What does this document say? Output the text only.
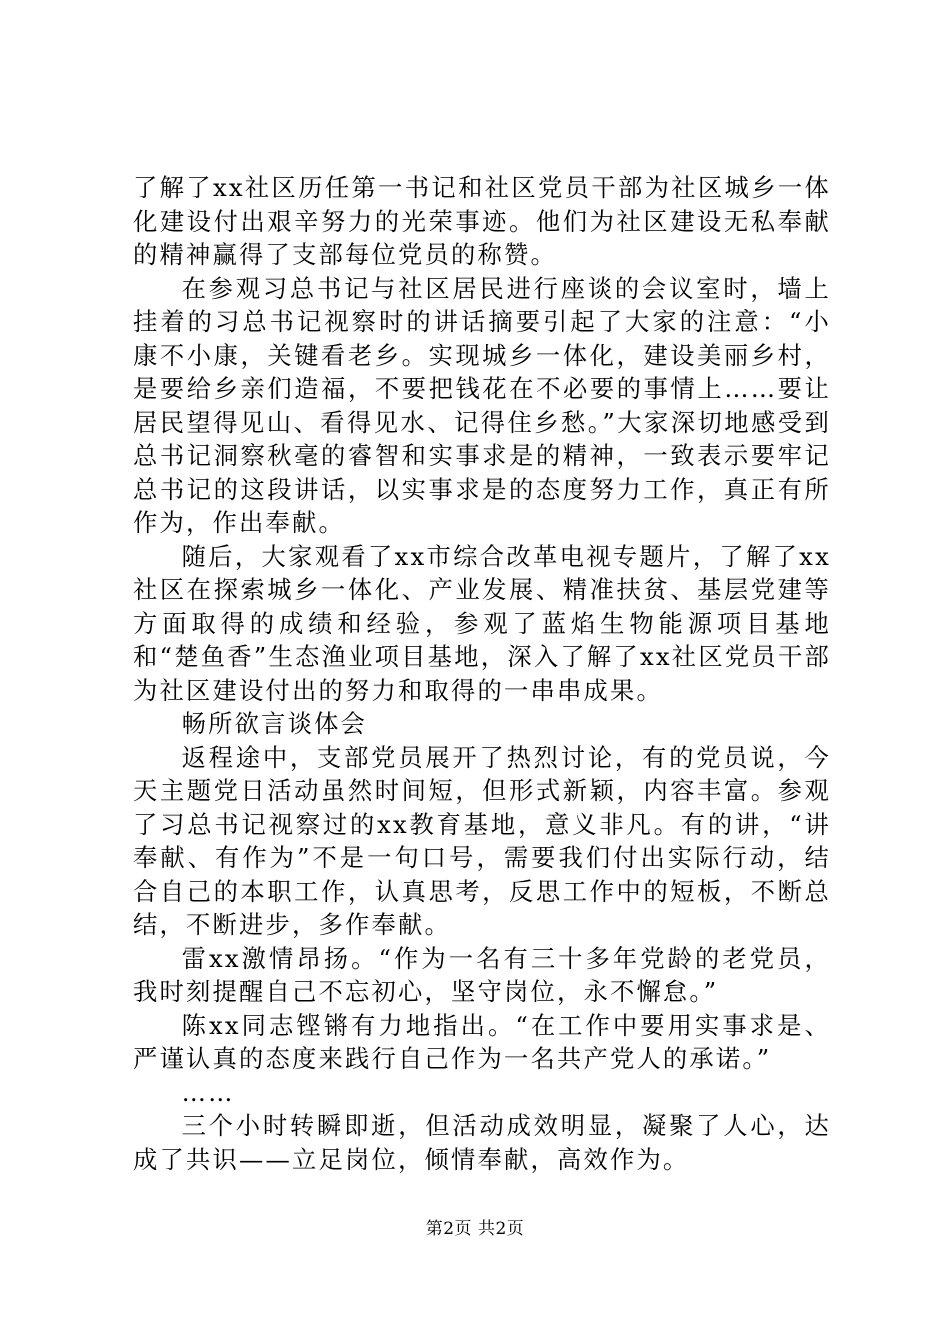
了解了xx社区历任第一书记和社区党员干部为社区城乡一体化建设付出艰辛努力的光荣事迹。他们为社区建设无私奉献的精神赢得了支部每位党员的称赞。

在参观习总书记与社区居民进行座谈的会议室时，墙上挂着的习总书记视察时的讲话摘要引起了大家的注意：“小康不小康，关键看老乡。实现城乡一体化，建设美丽乡村，是要给乡亲们造福，不要把钱花在不必要的事情上……要让居民望得见山、看得见水、记得住乡愁。”大家深切地感受到总书记洞察秋毫的睿智和实事求是的精神，一致表示要牢记总书记的这段讲话，以实事求是的态度努力工作，真正有所作为，作出奉献。

随后，大家观看了xx市综合改革电视专题片，了解了xx社区在探索城乡一体化、产业发展、精准扶贫、基层党建等方面取得的成绩和经验，参观了蓝焰生物能源项目基地和“楚鱼香”生态渔业项目基地，深入了解了xx社区党员干部为社区建设付出的努力和取得的一串串成果。

畅所欲言谈体会

返程途中，支部党员展开了热烈讨论，有的党员说，今天主题党日活动虽然时间短，但形式新颖，内容丰富。参观了习总书记视察过的xx教育基地，意义非凡。有的讲，“讲奉献、有作为”不是一句口号，需要我们付出实际行动，结合自己的本职工作，认真思考，反思工作中的短板，不断总结，不断进步，多作奉献。

雷xx激情昂扬。“作为一名有三十多年党龄的老党员，我时刻提醒自己不忘初心，坚守岗位，永不懈怠。”

陈xx同志铿锵有力地指出。“在工作中要用实事求是、严谨认真的态度来践行自己作为一名共产党人的承诺。”

……

三个小时转瞬即逝，但活动成效明显，凝聚了人心，达成了共识——立足岗位，倾情奉献，高效作为。

第2页 共2页
